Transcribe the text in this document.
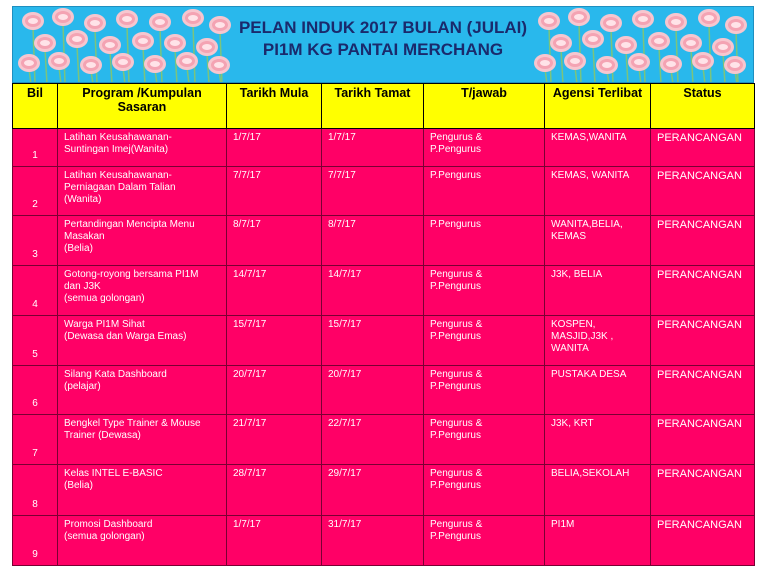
PELAN INDUK 2017 BULAN (JULAI)
PI1M KG PANTAI MERCHANG
Bil	Program /Kumpulan Sasaran	Tarikh Mula	Tarikh Tamat	T/jawab	Agensi Terlibat	Status
1	Latihan Keusahawanan-
Suntingan Imej(Wanita)	1/7/17	1/7/17	Pengurus &
P.Pengurus	KEMAS,WANITA	PERANCANGAN
2	Latihan Keusahawanan-
Perniagaan Dalam Talian
(Wanita)	7/7/17	7/7/17	P.Pengurus	KEMAS, WANITA	PERANCANGAN
3	Pertandingan Mencipta Menu
Masakan
(Belia)	8/7/17	8/7/17	P.Pengurus	WANITA,BELIA,
KEMAS	PERANCANGAN
4	Gotong-royong bersama PI1M
dan J3K
(semua golongan)	14/7/17	14/7/17	Pengurus &
P.Pengurus	J3K, BELIA	PERANCANGAN
5	Warga PI1M Sihat
(Dewasa dan Warga Emas)	15/7/17	15/7/17	Pengurus &
P.Pengurus	KOSPEN,
MASJID,J3K ,
WANITA	PERANCANGAN
6	Silang Kata Dashboard
(pelajar)	20/7/17	20/7/17	Pengurus &
P.Pengurus	PUSTAKA DESA	PERANCANGAN
7	Bengkel Type Trainer & Mouse
Trainer (Dewasa)	21/7/17	22/7/17	Pengurus &
P.Pengurus	J3K, KRT	PERANCANGAN
8	Kelas INTEL E-BASIC
(Belia)	28/7/17	29/7/17	Pengurus &
P.Pengurus	BELIA,SEKOLAH	PERANCANGAN
9	Promosi Dashboard
(semua golongan)	1/7/17	31/7/17	Pengurus &
P.Pengurus	PI1M	PERANCANGAN
